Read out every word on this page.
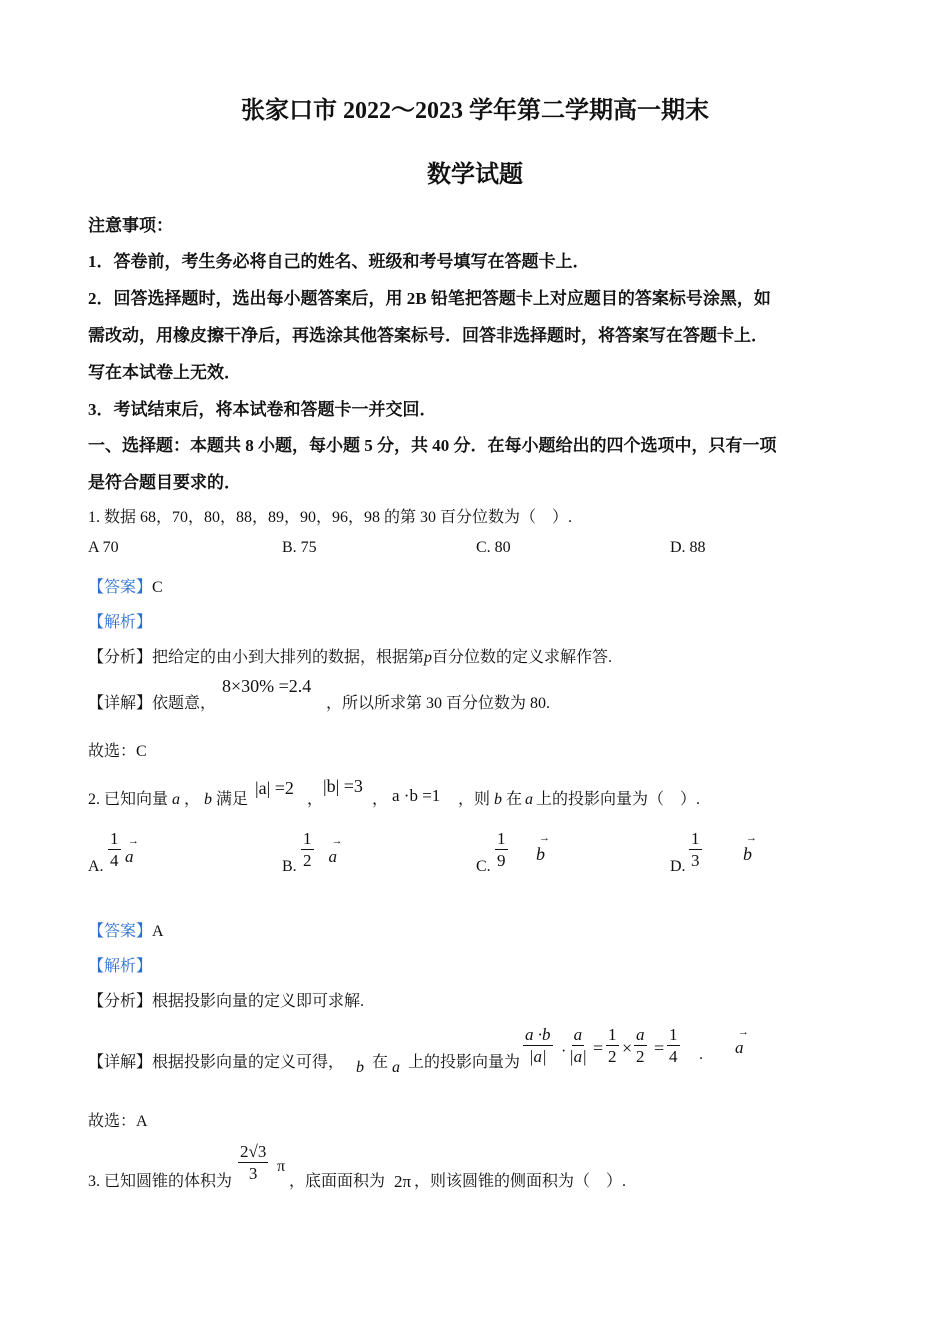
张家口市 2022～2023 学年第二学期高一期末
数学试题
注意事项：
1．答卷前，考生务必将自己的姓名、班级和考号填写在答题卡上．
2．回答选择题时，选出每小题答案后，用 2B 铅笔把答题卡上对应题目的答案标号涂黑，如
需改动，用橡皮擦干净后，再选涂其他答案标号．回答非选择题时，将答案写在答题卡上．
写在本试卷上无效．
3．考试结束后，将本试卷和答题卡一并交回．
一、选择题：本题共 8 小题，每小题 5 分，共 40 分．在每小题给出的四个选项中，只有一项
是符合题目要求的．
1. 数据 68，70，80，88，89，90，96，98 的第 30 百分位数为（　）.
A 70	B. 75	C. 80	D. 88
【答案】C
【解析】
【分析】把给定的由小到大排列的数据，根据第p百分位数的定义求解作答.
【详解】依题意，
8×30% =2.4
，所以所求第 30 百分位数为 80.
故选：C
2. 已知向量 a ， b 满足
|a| =2
，
|b| =3
， a ·b =1 ，则 b 在 a 上的投影向量为（　）.
A. $\frac{1}{4}$ a →
B. $\frac{1}{2}$ a →
C. $\frac{1}{9}$ b →
D. $\frac{1}{3}$ b →
【答案】A
【解析】
【分析】根据投影向量的定义即可求解.
【详解】根据投影向量的定义可得， b 在 a 上的投影向量为 $\frac{a \cdot b}{|a|} \cdot \frac{a}{|a|} = \frac{1}{2} \times \frac{a}{2} = \frac{1}{4}$	a →
.
故选：A
3. 已知圆锥的体积为 $\frac{2√3}{3}$ π
，底面面积为 2π ，则该圆锥的侧面积为（　）.
